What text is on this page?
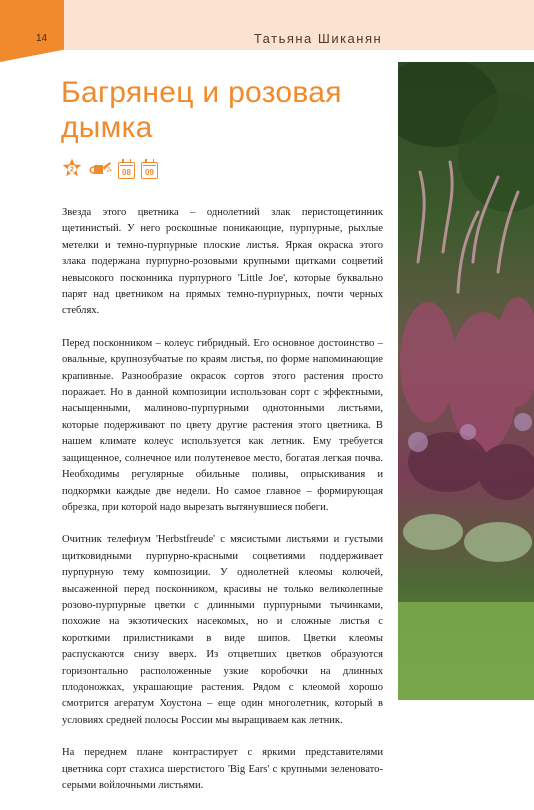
14	Татьяна Шиканян
Багрянец и розовая дымка
2	08 09

Звезда этого цветника – однолетний злак перистощетинник щетинистый. У него роскошные поникающие, пурпурные, рыхлые метелки и темно-пурпурные плоские листья. Яркая окраска этого злака подержана пурпурно-розовыми крупными щитками соцветий невысокого посконника пурпурного 'Little Joe', которые буквально парят над цветником на прямых темно-пурпурных, почти черных стеблях.

Перед посконником – колеус гибридный. Его основное достоинство – овальные, крупнозубчатые по краям листья, по форме напоминающие крапивные. Разнообразие окрасок сортов этого растения просто поражает. Но в данной композиции использован сорт с эффектными, насыщенными, малиново-пурпурными однотонными листьями, которые подерживают по цвету другие растения этого цветника. В нашем климате колеус используется как летник. Ему требуется защищенное, солнечное или полутеневое место, богатая легкая почва. Необходимы регулярные обильные поливы, опрыскивания и подкормки каждые две недели. Но самое главное – формирующая обрезка, при которой надо вырезать вытянувшиеся побеги.

Очитник телефиум 'Herbstfreude' с мясистыми листьями и густыми щитковидными пурпурно-красными соцветиями поддерживает пурпурную тему композиции. У однолетней клеомы колючей, высаженной перед посконником, красивы не только великолепные розово-пурпурные цветки с длинными пурпурными тычинками, похожие на экзотических насекомых, но и сложные листья с короткими прилистниками в виде шипов. Цветки клеомы распускаются снизу вверх. Из отцветших цветков образуются горизонтально расположенные узкие коробочки на длинных плодоножках, украшающие растения. Рядом с клеомой хорошо смотрится агератум Хоустона – еще один многолетник, который в условиях средней полосы России мы выращиваем как летник.

На переднем плане контрастирует с яркими представителями цветника сорт стахиса шерстистого 'Big Ears' с крупными зеленовато-серыми войлочными листьями.
